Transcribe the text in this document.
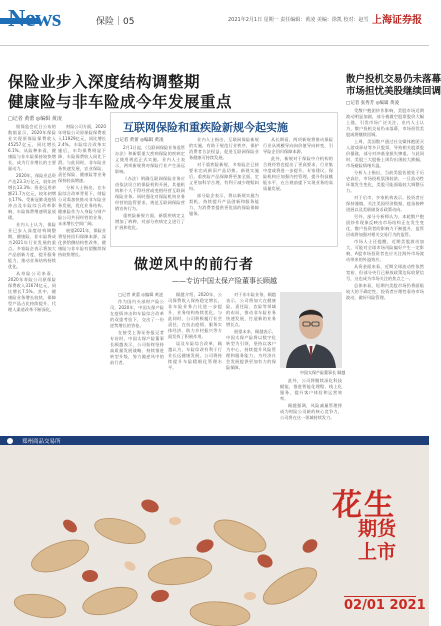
News	保险｜05	2021年2月1日 星期一 责任编辑：黄凌 美编：徐凯 校对：赵雪 上海证券报
保险业步入深度结构调整期
健康险与非车险成今年发展重点
□记者 黄蕾 ◎编辑 黄凌

银保监会近日公布的数据显示，2020年保险业实现原保险保费收入45257亿元，同比增长6.1%。从险种来看，健康险与非车险保持较快增长，成为行业增长的主要驱动力。

2020年，保险业总资产达23.3万亿元，较年初增长13.3%；资金运用余额21.7万亿元，较年初增长17%。受新冠肺炎疫情冲击及车险综合改革影响，车险保费增速明显放缓。

业内人士认为，保险业已步入深度结构调整期，健康险、非车险将成为2021年行业发展的重点。多家险企表示将加大产品创新力度，提升服务能力，推动业务结构持续优化。

从寿险公司来看，2020年寿险公司原保险保费收入31674亿元，同比增长7.5%。其中，健康险业务增长较快，保障型产品占比持续提升，代理人渠道改革不断深化。

财险公司方面，2020年财险公司原保险保费收入11929亿元，同比增长2.4%。车险综合改革实施后，车均保费明显下降，车险保费收入同比下滑。与此同时，非车险业务快速发展，农业保险、责任保险、健康险等业务保持较高增速。

分析人士指出，在车险综合改革背景下，财险公司需加快推动非车险业务发展，优化业务结构。健康险作为人身险与财产险公司共同经营的业务，未来增长空间广阔。

展望2021年，保险业将坚持回归保障本源，深化供给侧结构性改革，健康险与非车险有望继续保持较快增长。

互联网保险和重疾险新规今起实施
□记者 黄蕾 ◎编辑 黄凌

2月1日起，《互联网保险业务监管办法》和新版重大疾病保险的疾病定义使用规范正式实施。业内人士表示，两项新规将对保险行业产生深远影响。

《办法》明确互联网保险业务应由依法设立的保险机构开展，其他机构和个人不得经营或变相经营互联网保险业务。同时强化对保险机构业务经营的监管要求，规范互联网保险营销宣传行为。

重疾险新规方面，新版疾病定义增加了病种，对部分疾病定义进行了扩展和优化。

业内人士指出，互联网保险新规的实施，有助于规范行业秩序，保护消费者合法权益，促进互联网保险业务健康可持续发展。

对于重疾险新规，多家险企已按要求完成新旧产品切换。新规实施后，重疾险产品保障将更加全面，定义更加科学合理，有利于减少理赔纠纷。

部分险企表示，将以新规实施为契机，持续提升产品创新和服务能力，为消费者提供更优质的保险保障服务。

从长期看，两项新规将推动保险行业从规模导向向价值导向转变，引导险企回归保障本源。

此外，新规对于保险中介机构的合规经营也提出了更高要求，行业集中度或将进一步提升。专家建议，保险机构应加强内控管理，提升科技赋能水平，在合规前提下实现业务的高质量发展。

做逆风中的前行者
——专访中国太保产险董事长顾越

□记者 黄蕾 ◎编辑 黄凌

作为国内头部财产险公司，2020年，中国太保产险在疫情冲击和车险综合改革的双重考验下，交出了一份逆势增长的答卷。

在接受上海证券报记者专访时，中国太保产险董事长顾越表示，公司始终坚持高质量发展战略，持续推进转型升级，努力做逆风中的前行者。

顾越介绍，2020年，公司保费收入保持稳定增长，非车险业务占比进一步提升，业务结构持续优化。与此同时，公司积极履行社会责任，在抗击疫情、服务实体经济、助力乡村振兴等方面发挥了积极作用。

谈及车险综合改革，顾越认为，车险综改有利于行业长远健康发展，公司将持续提升车险精细化管理水平。

对于非车险业务，顾越表示，公司将加大在健康险、责任险、农险等领域的布局，推动非车险业务快速发展，打造新的业务增长点。

展望未来，顾越表示，中国太保产险将以数字化转型为引领，坚持以客户为中心，持续提升风险管理和服务能力，为经济社会发展提供更加有力的保险保障。

此外，公司将继续深化科技赋能，推进智能化理赔、线上化服务，提升客户体验和运营效率。

顾越强调，风险减量管理将成为财险公司新的核心竞争力，公司将在这一领域持续发力。

中国太保产险董事长 顾越
散户投机交易仍未落幕
市场担忧美股继续回调
□记者 张秀芳 ◎编辑 黄凌

受散户抱团炒作影响，美股市场近期波动明显加剧，部分被做空股票股价大幅上涨，引发市场广泛关注。业内人士认为，散户投机交易仍未落幕，市场担忧美股或将继续回调。

上周，美国散户通过社交媒体抱团买入游戏驿站等多只股票，导致相关股票股价暴涨，部分对冲基金损失惨重。与此同时，美股三大股指上周均出现较大跌幅，市场避险情绪升温。

分析人士指出，当前美股估值处于历史高位，市场投机氛围较浓，一旦流动性环境发生变化，美股可能面临较大调整压力。

对于后市，多家机构表示，投资者应保持谨慎，关注美国经济数据、疫苗接种进展以及美联储货币政策动向。

另外，部分分析师认为，本轮散户抱团炒作现象反映出市场结构正在发生变化，散户投资者的影响力不断提升，监管层或将加强对相关交易行为的监管。

市场人士还提醒，近期美股波动加大，可能对全球市场风险偏好产生一定影响，A股市场投资者也应关注海外市场波动带来的外溢效应。

从资金面来看，近期全球流动性依然宽裕，但部分央行已释放政策边际收紧信号，这也成为市场关注的焦点之一。

总体来看，短期内美股市场仍将面临较大的不确定性，投资者应理性看待市场波动，做好风险管理。

郑州商品交易所
花生
期货
上市
02/01 2021
